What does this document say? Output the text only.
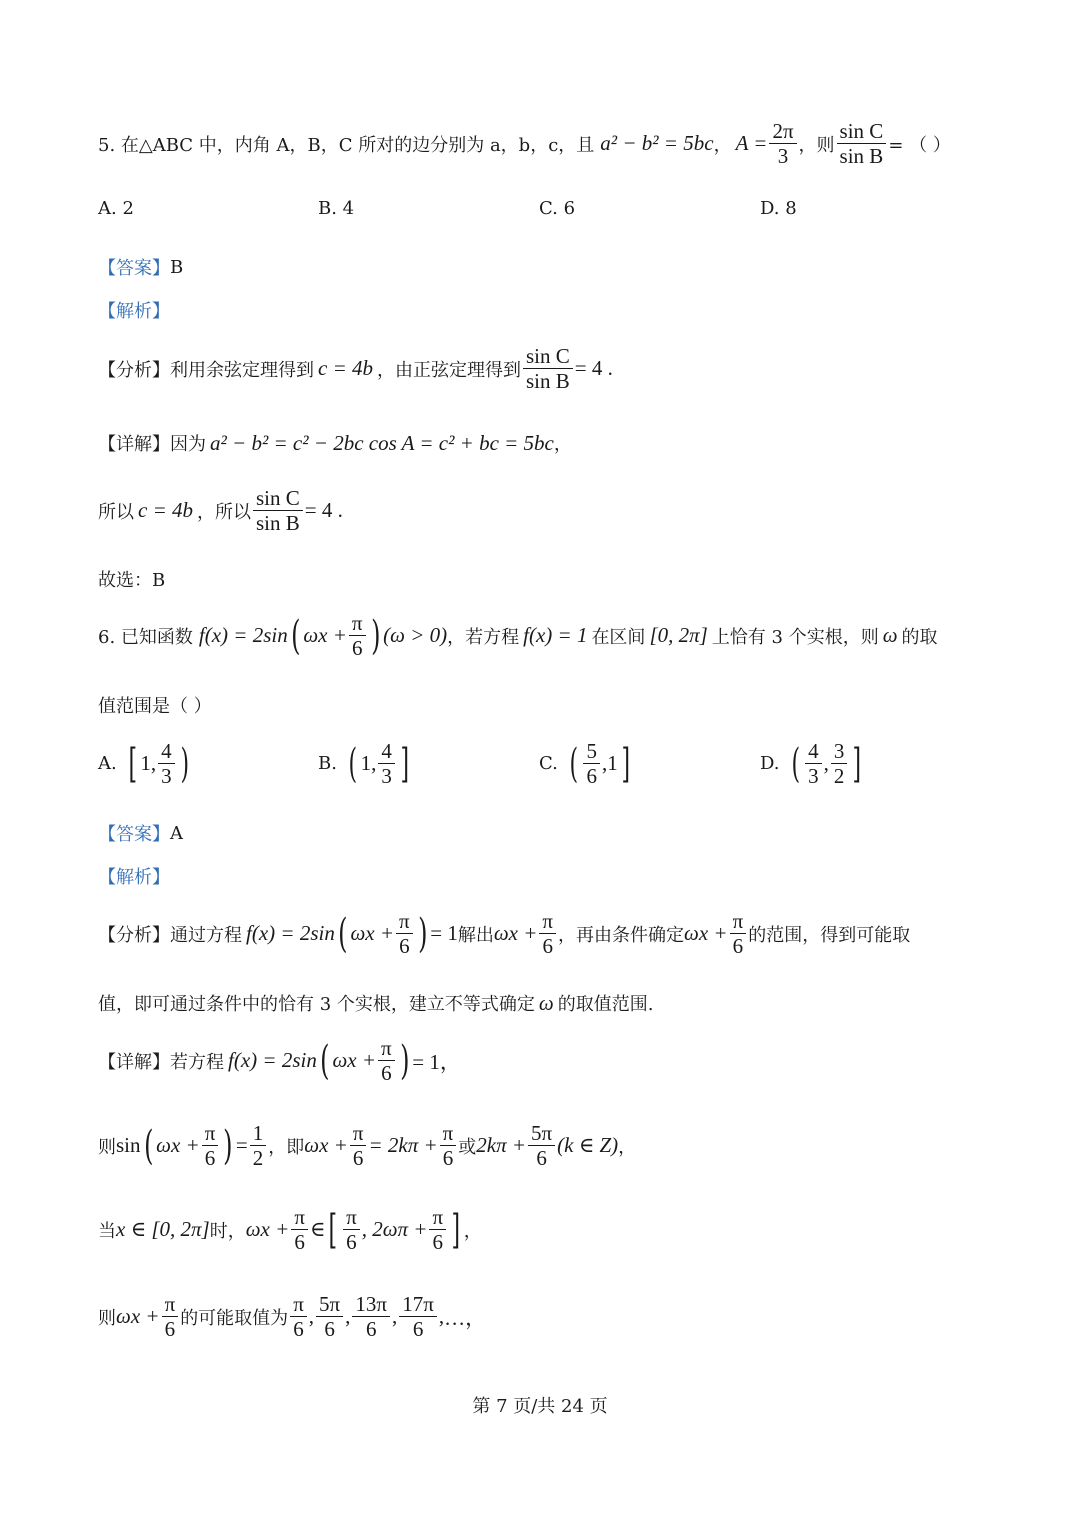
5. 在△ABC 中，内角 A，B，C 所对的边分别为 a，b，c，且 a² − b² = 5bc ， $A = \frac{2\pi}{3}$ ，则 $\frac{\text{sin C}}{\text{sin B}}$ = （ ）
A. 2	B. 4	C. 6	D. 8
【答案】 B
【解析】
【分析】 利用余弦定理得到 c = 4b ，由正弦定理得到 $\frac{\text{sin C}}{\text{sin B}} = 4$ .
【详解】 因为 a² − b² = c² − 2bc cos A = c² + bc = 5bc ，
所以 c = 4b ，所以 $\frac{\text{sin C}}{\text{sin B}} = 4$ .
故选：B
6. 已知函数 f(x) = 2sin ( $\omega x + \frac{\pi}{6}$ ) (ω > 0) ，若方程 f(x) = 1 在区间 [0, 2π] 上恰有 3 个实根，则 ω 的取
值范围是（ ）
A. [ 1, $\frac{4}{3}$ )	B. ( 1, $\frac{4}{3}$ ]	C. ( $\frac{5}{6} ,1$ ]	D. ( $\frac{4}{3}$ , $\frac{3}{2}$ ]
【答案】 A
【解析】
【分析】 通过方程 f(x) = 2sin ( $\omega x + \frac{\pi}{6}$ ) = 1 解出 $\omega x + \frac{\pi}{6}$ ，再由条件确定 $\omega x + \frac{\pi}{6}$ 的范围，得到可能取
值，即可通过条件中的恰有 3 个实根，建立不等式确定 ω 的取值范围.
【详解】 若方程 f(x) = 2sin ( $\omega x + \frac{\pi}{6}$ ) = 1，
则 sin ( $\omega x + \frac{\pi}{6}$ ) = $\frac{1}{2}$ ，即 $\omega x + \frac{\pi}{6} = 2k\pi + \frac{\pi}{6}$ 或 $2k\pi + \frac{5\pi}{6} (k$ ∈ Z) ，
当 x ∈ [0, 2π] 时， $\omega x + \frac{\pi}{6}$ ∈ [ $\frac{\pi}{6}$ , $2\omega\pi + \frac{\pi}{6}$ ] ，
则 $\omega x + \frac{\pi}{6}$ 的可能取值为 $\frac{\pi}{6}$ , $\frac{5\pi}{6}$ , $\frac{13\pi}{6}$ , $\frac{17\pi}{6}$ , …，
第 7 页/共 24 页
